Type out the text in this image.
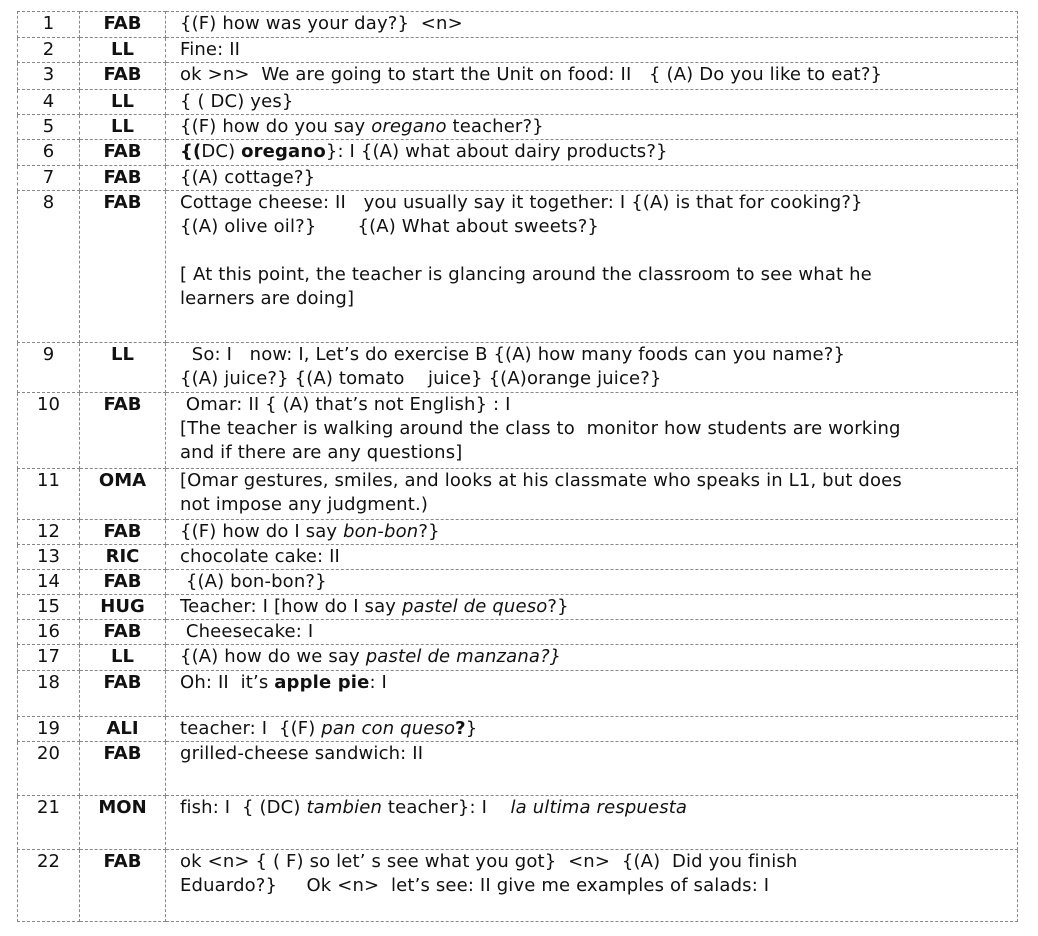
1	FAB	{(F) how was your day?}  <n>

2	LL	Fine: II

3	FAB	ok >n>  We are going to start the Unit on food: II   { (A) Do you like to eat?}

4	LL	{ ( DC) yes}

5	LL	{(F) how do you say oregano teacher?}

6	FAB	{(DC) oregano}: I {(A) what about dairy products?}

7	FAB	{(A) cottage?}

8	FAB	Cottage cheese: II   you usually say it together: I {(A) is that for cooking?}
{(A) olive oil?}       {(A) What about sweets?}
[ At this point, the teacher is glancing around the classroom to see what he
learners are doing]

9	LL	So: I   now: I, Let’s do exercise B {(A) how many foods can you name?}
{(A) juice?} {(A) tomato    juice} {(A)orange juice?}

10	FAB	Omar: II { (A) that’s not English} : I
[The teacher is walking around the class to  monitor how students are working
and if there are any questions]

11	OMA	[Omar gestures, smiles, and looks at his classmate who speaks in L1, but does
not impose any judgment.)

12	FAB	{(F) how do I say bon-bon?}

13	RIC	chocolate cake: II

14	FAB	{(A) bon-bon?}

15	HUG	Teacher: I [how do I say pastel de queso?}

16	FAB	Cheesecake: I

17	LL	{(A) how do we say pastel de manzana?}

18	FAB	Oh: II  it’s apple pie: I

19	ALI	teacher: I  {(F) pan con queso?}

20	FAB	grilled-cheese sandwich: II

21	MON	fish: I  { (DC) tambien teacher}: I    la ultima respuesta

22	FAB	ok <n> { ( F) so let’ s see what you got}  <n>  {(A)  Did you finish
Eduardo?}     Ok <n>  let’s see: II give me examples of salads: I
